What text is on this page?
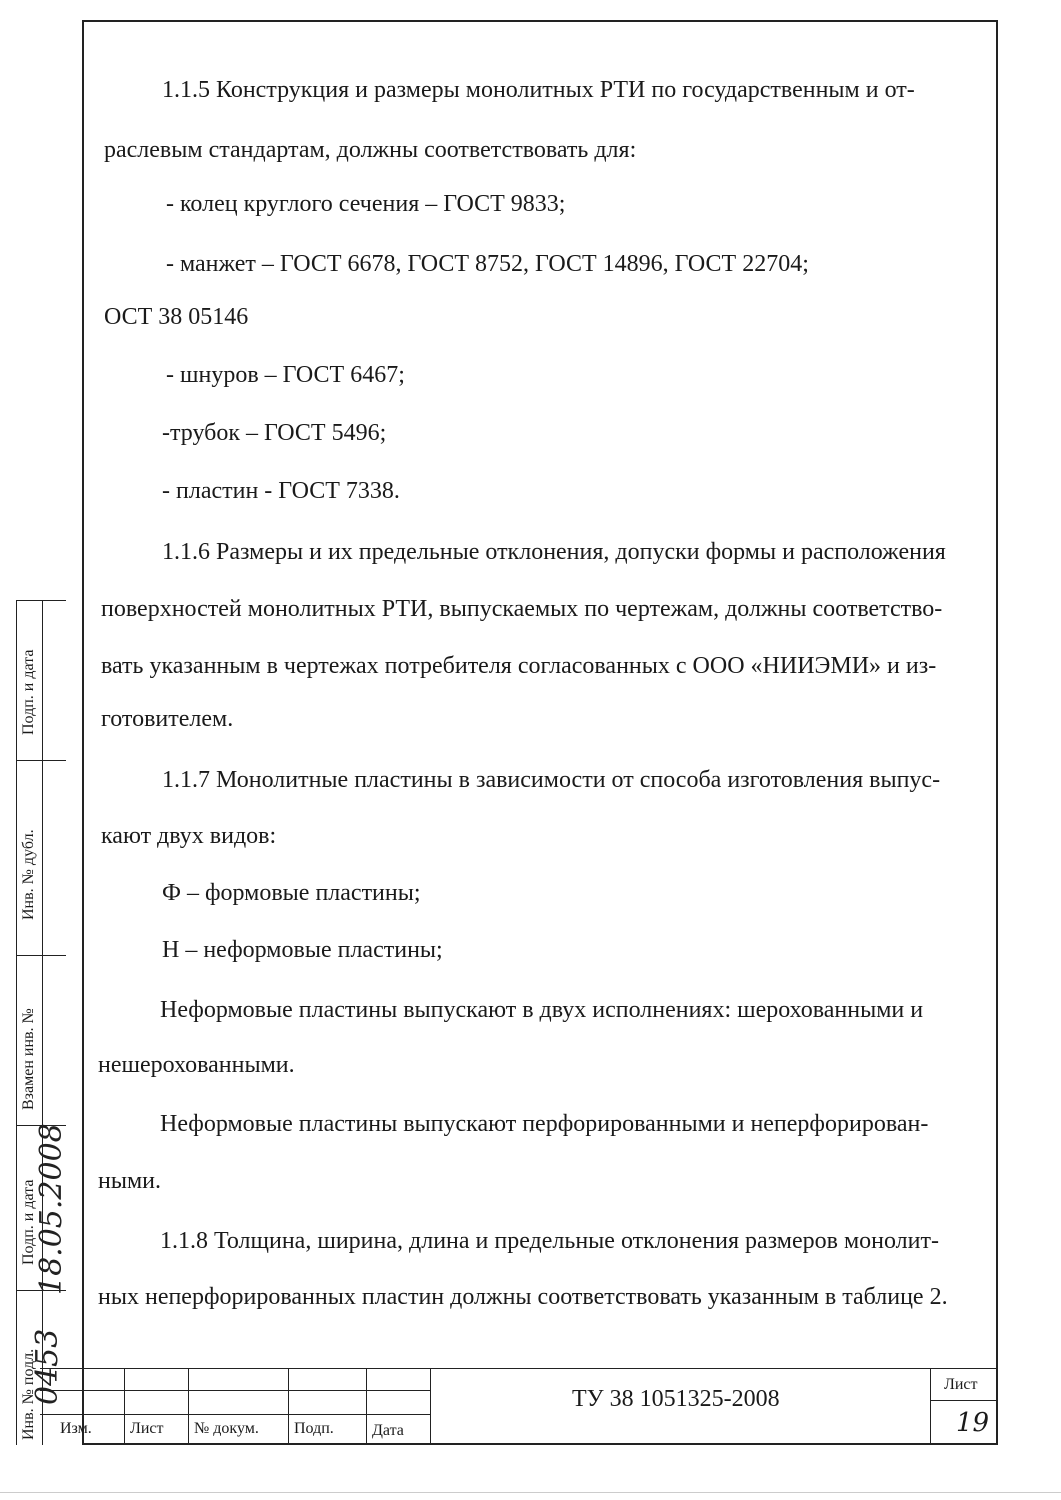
1.1.5 Конструкция и размеры монолитных РТИ по государственным и от-
раслевым стандартам, должны соответствовать для:
- колец круглого сечения – ГОСТ 9833;
- манжет – ГОСТ 6678, ГОСТ 8752, ГОСТ 14896, ГОСТ 22704;
ОСТ 38 05146
- шнуров – ГОСТ 6467;
-трубок – ГОСТ 5496;
- пластин - ГОСТ 7338.
1.1.6 Размеры и их предельные отклонения, допуски формы и расположения
поверхностей монолитных РТИ, выпускаемых по чертежам, должны соответство-
вать указанным в чертежах потребителя согласованных с ООО «НИИЭМИ» и из-
готовителем.
1.1.7 Монолитные пластины в зависимости от способа изготовления выпус-
кают двух видов:
Ф – формовые пластины;
Н – неформовые пластины;
Неформовые пластины выпускают в двух исполнениях: шерохованными и
нешерохованными.
Неформовые пластины выпускают перфорированными и неперфорирован-
ными.
1.1.8 Толщина, ширина, длина и предельные отклонения размеров монолит-
ных неперфорированных пластин должны соответствовать указанным в таблице 2.
Подп. и дата
Инв. № дубл.
Взамен инв. №
Подп. и дата
Инв. № подл.
0453
18.05.2008
Изм. Лист № докум. Подп. Дата
ТУ 38 1051325-2008
Лист
19
